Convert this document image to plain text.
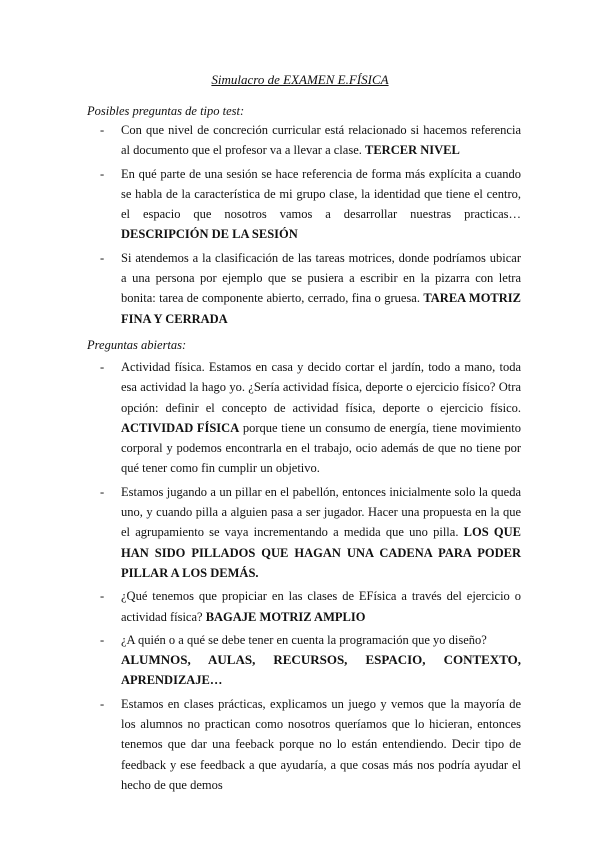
Simulacro de EXAMEN E.FÍSICA
Posibles preguntas de tipo test:
- Con que nivel de concreción curricular está relacionado si hacemos referencia al documento que el profesor va a llevar a clase. TERCER NIVEL
- En qué parte de una sesión se hace referencia de forma más explícita a cuando se habla de la característica de mi grupo clase, la identidad que tiene el centro, el espacio que nosotros vamos a desarrollar nuestras practicas… DESCRIPCIÓN DE LA SESIÓN
- Si atendemos a la clasificación de las tareas motrices, donde podríamos ubicar a una persona por ejemplo que se pusiera a escribir en la pizarra con letra bonita: tarea de componente abierto, cerrado, fina o gruesa. TAREA MOTRIZ FINA Y CERRADA
Preguntas abiertas:
- Actividad física. Estamos en casa y decido cortar el jardín, todo a mano, toda esa actividad la hago yo. ¿Sería actividad física, deporte o ejercicio físico? Otra opción: definir el concepto de actividad física, deporte o ejercicio físico. ACTIVIDAD FÍSICA porque tiene un consumo de energía, tiene movimiento corporal y podemos encontrarla en el trabajo, ocio además de que no tiene por qué tener como fin cumplir un objetivo.
- Estamos jugando a un pillar en el pabellón, entonces inicialmente solo la queda uno, y cuando pilla a alguien pasa a ser jugador. Hacer una propuesta en la que el agrupamiento se vaya incrementando a medida que uno pilla. LOS QUE HAN SIDO PILLADOS QUE HAGAN UNA CADENA PARA PODER PILLAR A LOS DEMÁS.
- ¿Qué tenemos que propiciar en las clases de EFísica a través del ejercicio o actividad física? BAGAJE MOTRIZ AMPLIO
- ¿A quién o a qué se debe tener en cuenta la programación que yo diseño?
ALUMNOS, AULAS, RECURSOS, ESPACIO, CONTEXTO,
APRENDIZAJE…
- Estamos en clases prácticas, explicamos un juego y vemos que la mayoría de los alumnos no practican como nosotros queríamos que lo hicieran, entonces tenemos que dar una feeback porque no lo están entendiendo. Decir tipo de feedback y ese feedback a que ayudaría, a que cosas más nos podría ayudar el hecho de que demos
